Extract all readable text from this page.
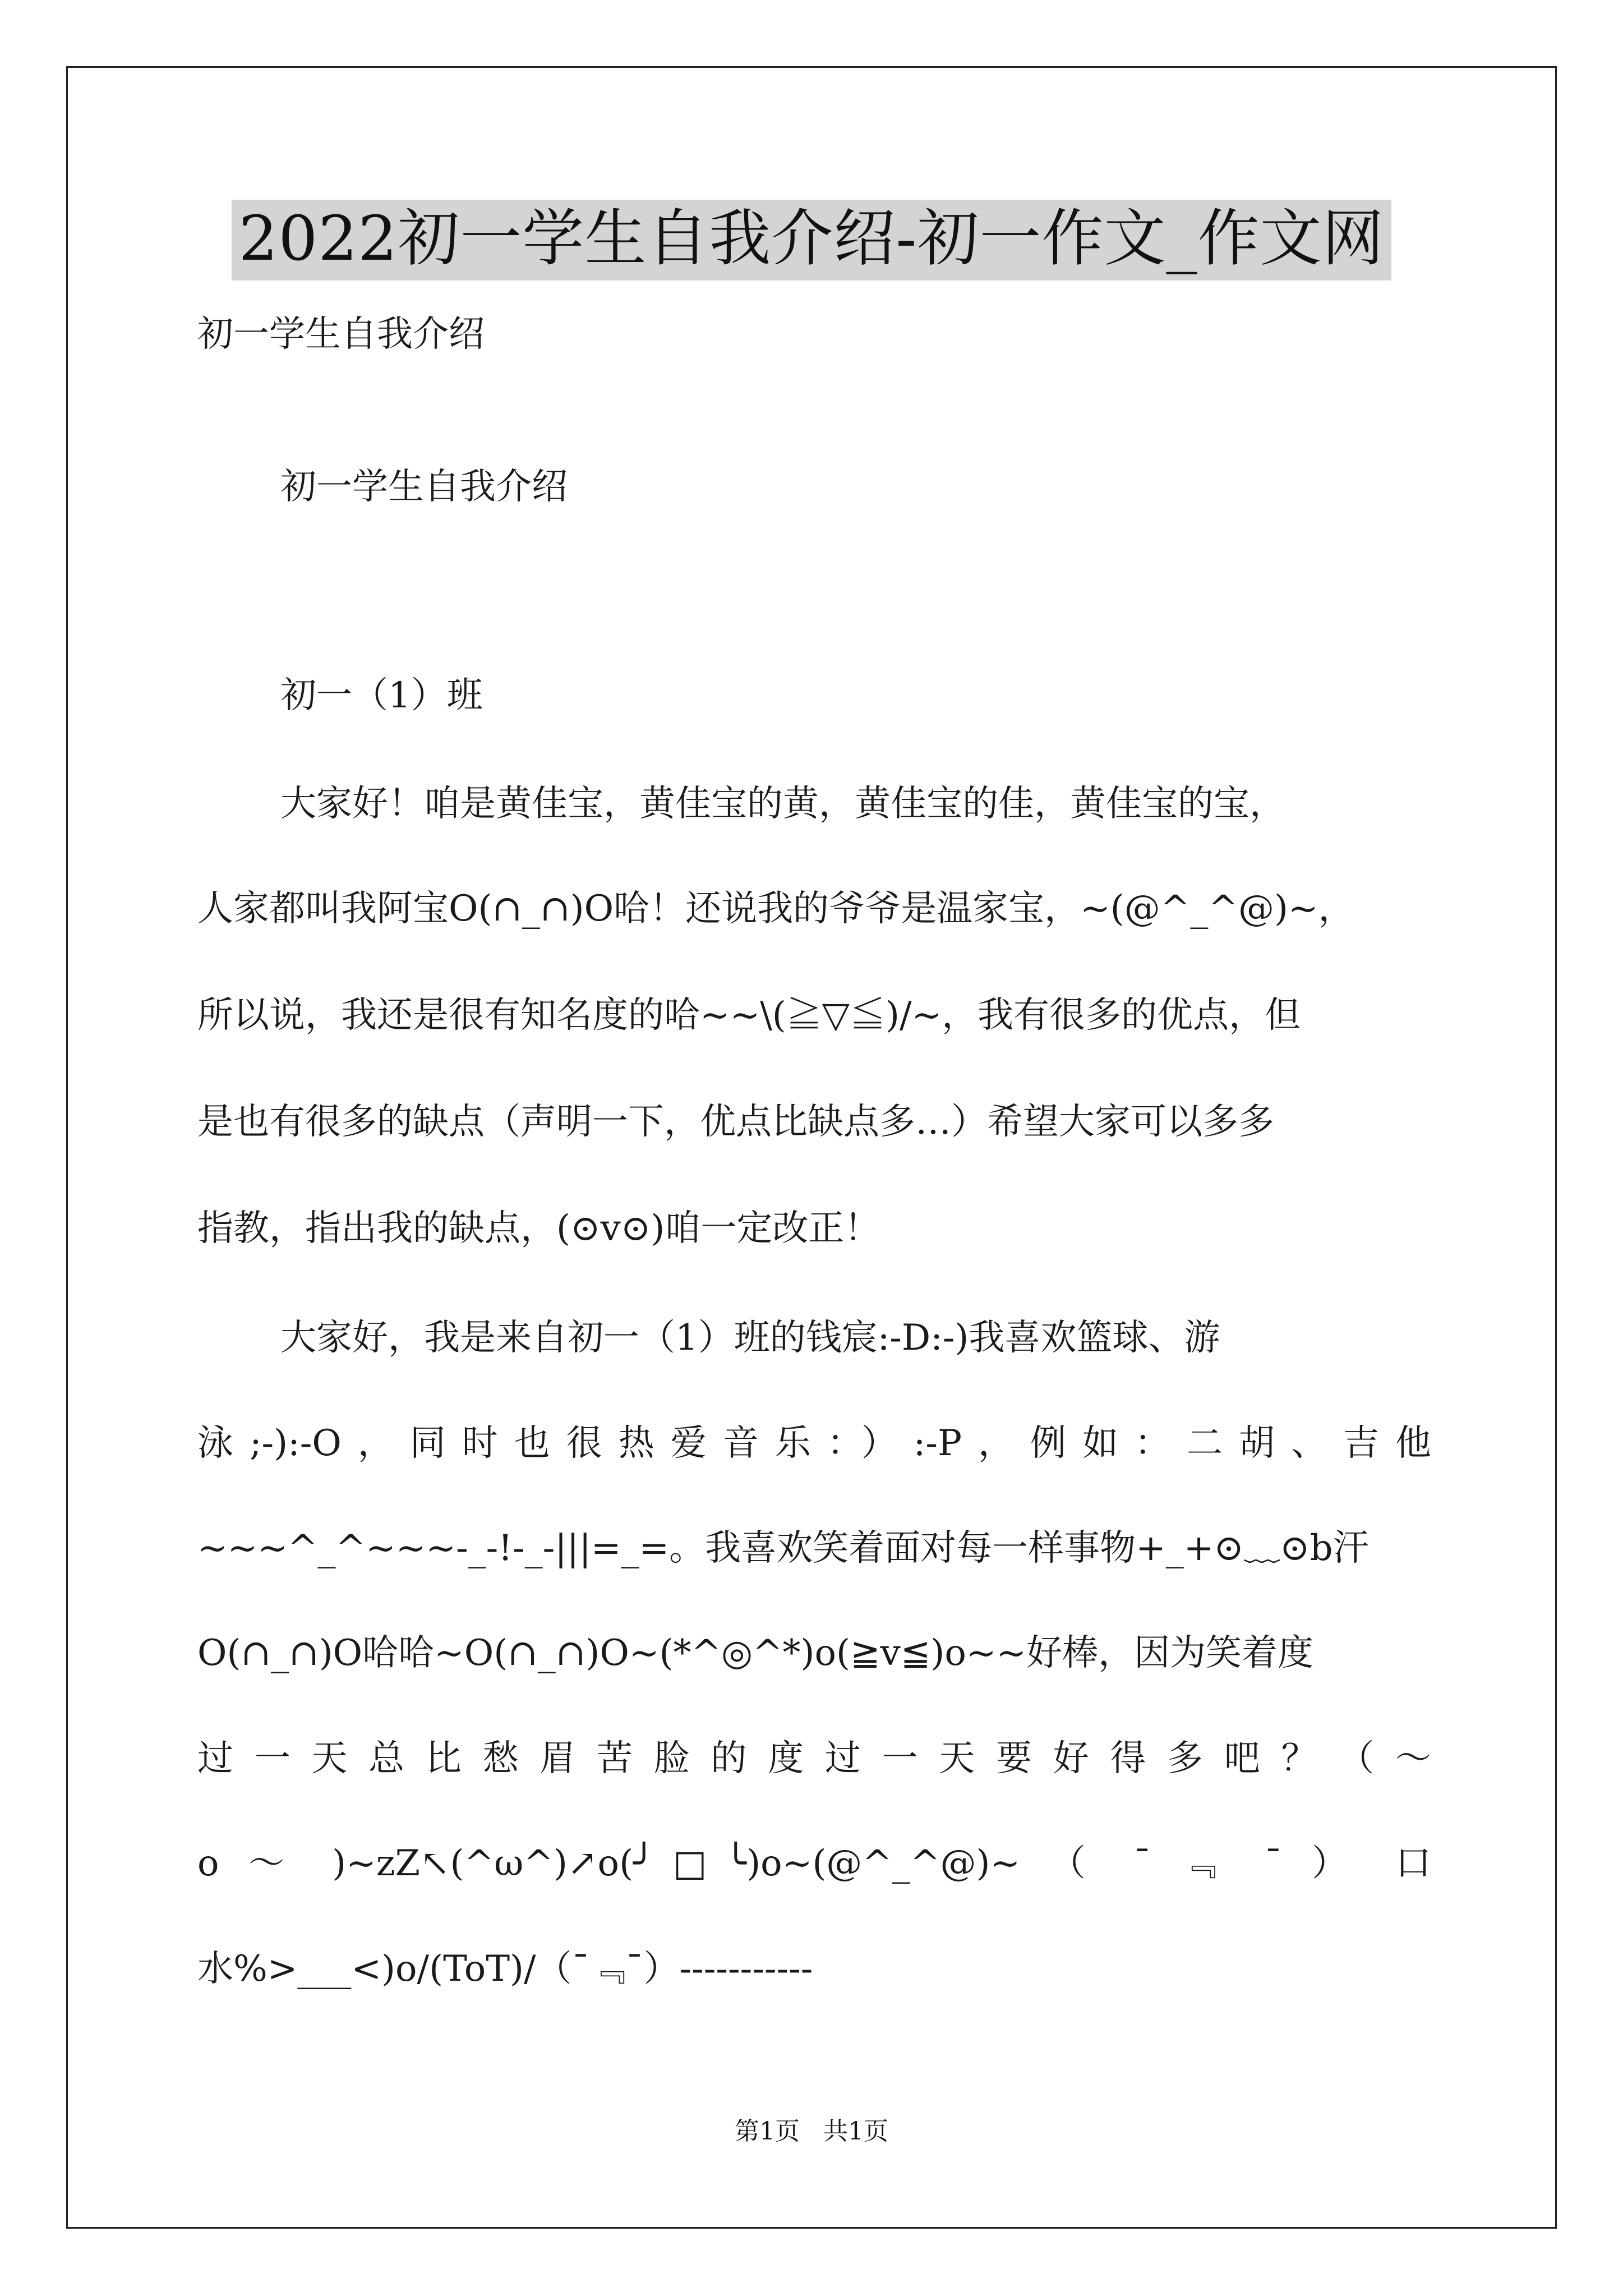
2022初一学生自我介绍-初一作文_作文网
初一学生自我介绍
初一学生自我介绍
初一（1）班
大家好！咱是黄佳宝，黄佳宝的黄，黄佳宝的佳，黄佳宝的宝，
人家都叫我阿宝O(∩_∩)O哈！还说我的爷爷是温家宝，~(@^_^@)~，
所以说，我还是很有知名度的哈~~\(≧▽≦)/~，我有很多的优点，但
是也有很多的缺点（声明一下，优点比缺点多…）希望大家可以多多
指教，指出我的缺点，(⊙v⊙)咱一定改正！
大家好，我是来自初一（1）班的钱宸:-D:-)我喜欢篮球、游
泳;-):-O，同时也很热爱音乐：）:-P，例如：二胡、吉他
~~~^_^~~~-_-!-_-|||=_=。我喜欢笑着面对每一样事物+_+⊙﹏⊙b汗
O(∩_∩)O哈哈~O(∩_∩)O~(*^◎^*)o(≧v≦)o~~好棒，因为笑着度
过一天总比愁眉苦脸的度过一天要好得多吧？（～
o ～ )~zZ↖(^ω^)↗o(╯□╰)o~(@^_^@)~ （ ¯ ﹃ ¯ ） 口
水%>___<)o/(ToT)/（¯﹃¯）-----------
第1页 共1页
